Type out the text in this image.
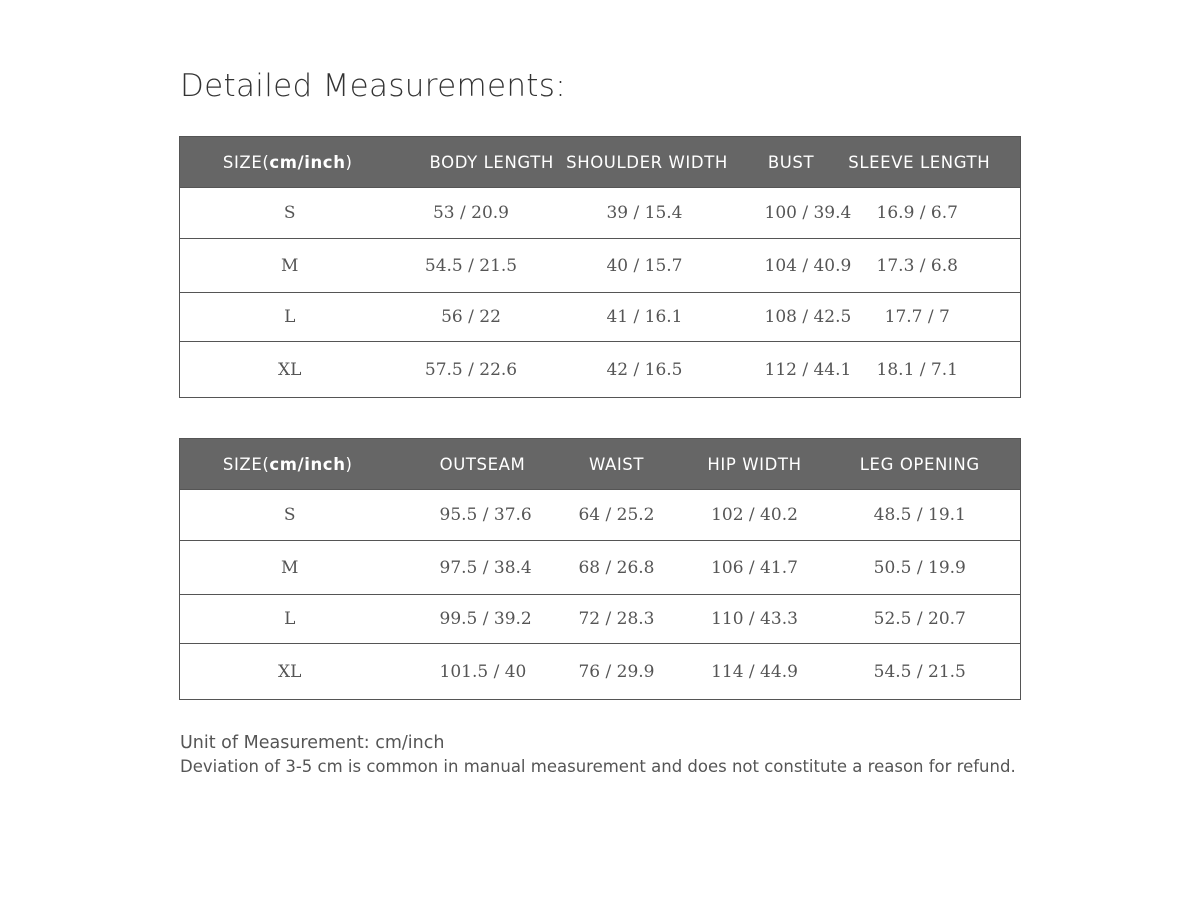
Detailed Measurements:
SIZE(cm/inch)	BODY LENGTH	SHOULDER WIDTH	BUST	SLEEVE LENGTH
S	53 / 20.9	39 / 15.4	100 / 39.4	16.9 / 6.7
M	54.5 / 21.5	40 / 15.7	104 / 40.9	17.3 / 6.8
L	56 / 22	41 / 16.1	108 / 42.5	17.7 / 7
XL	57.5 / 22.6	42 / 16.5	112 / 44.1	18.1 / 7.1
SIZE(cm/inch)	OUTSEAM	WAIST	HIP WIDTH	LEG OPENING
S	95.5 / 37.6	64 / 25.2	102 / 40.2	48.5 / 19.1
M	97.5 / 38.4	68 / 26.8	106 / 41.7	50.5 / 19.9
L	99.5 / 39.2	72 / 28.3	110 / 43.3	52.5 / 20.7
XL	101.5 / 40	76 / 29.9	114 / 44.9	54.5 / 21.5
Unit of Measurement: cm/inch
Deviation of 3-5 cm is common in manual measurement and does not constitute a reason for refund.
